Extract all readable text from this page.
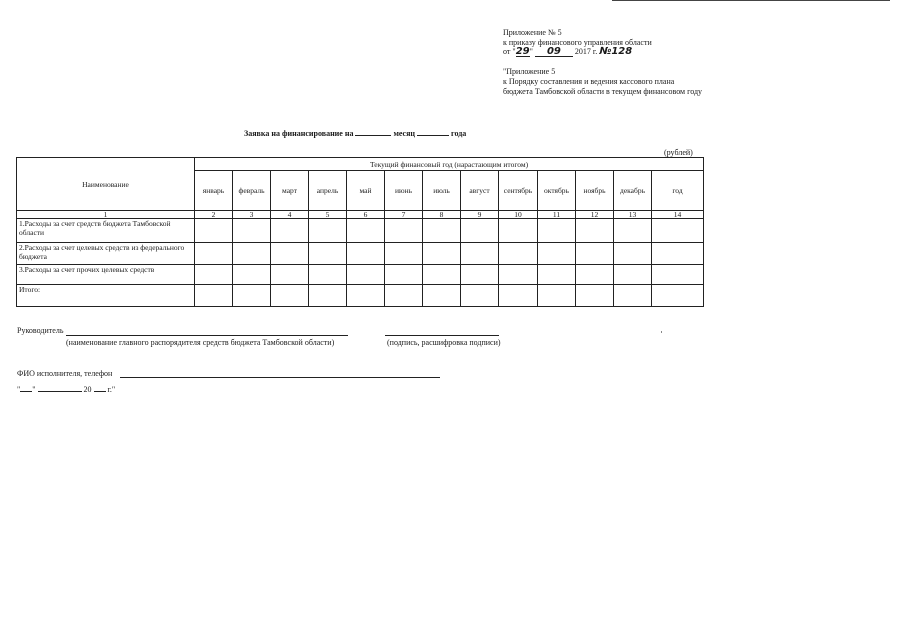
Приложение № 5
к приказу финансового управления области
от "29" 09 2017 г. №128
"Приложение 5
к Порядку составления и ведения кассового плана
бюджета Тамбовской области в текущем финансовом году
Заявка на финансирование на	месяц	года
(рублей)
Наименование	Текущий финансовый год (нарастающим итогом)												
	январь	февраль	март	апрель	май	июнь	июль	август	сентябрь	октябрь	ноябрь	декабрь	год
1	2	3	4	5	6	7	8	9	10	11	12	13	14
1.Расходы за счет средств бюджета Тамбовской области													
2.Расходы за счет целевых средств из федерального бюджета													
3.Расходы за счет прочих целевых средств													
Итого:													
Руководитель
(наименование главного распорядителя средств бюджета Тамбовской области)	(подпись, расшифровка подписи)
ФИО исполнителя, телефон
" "	20 г."
